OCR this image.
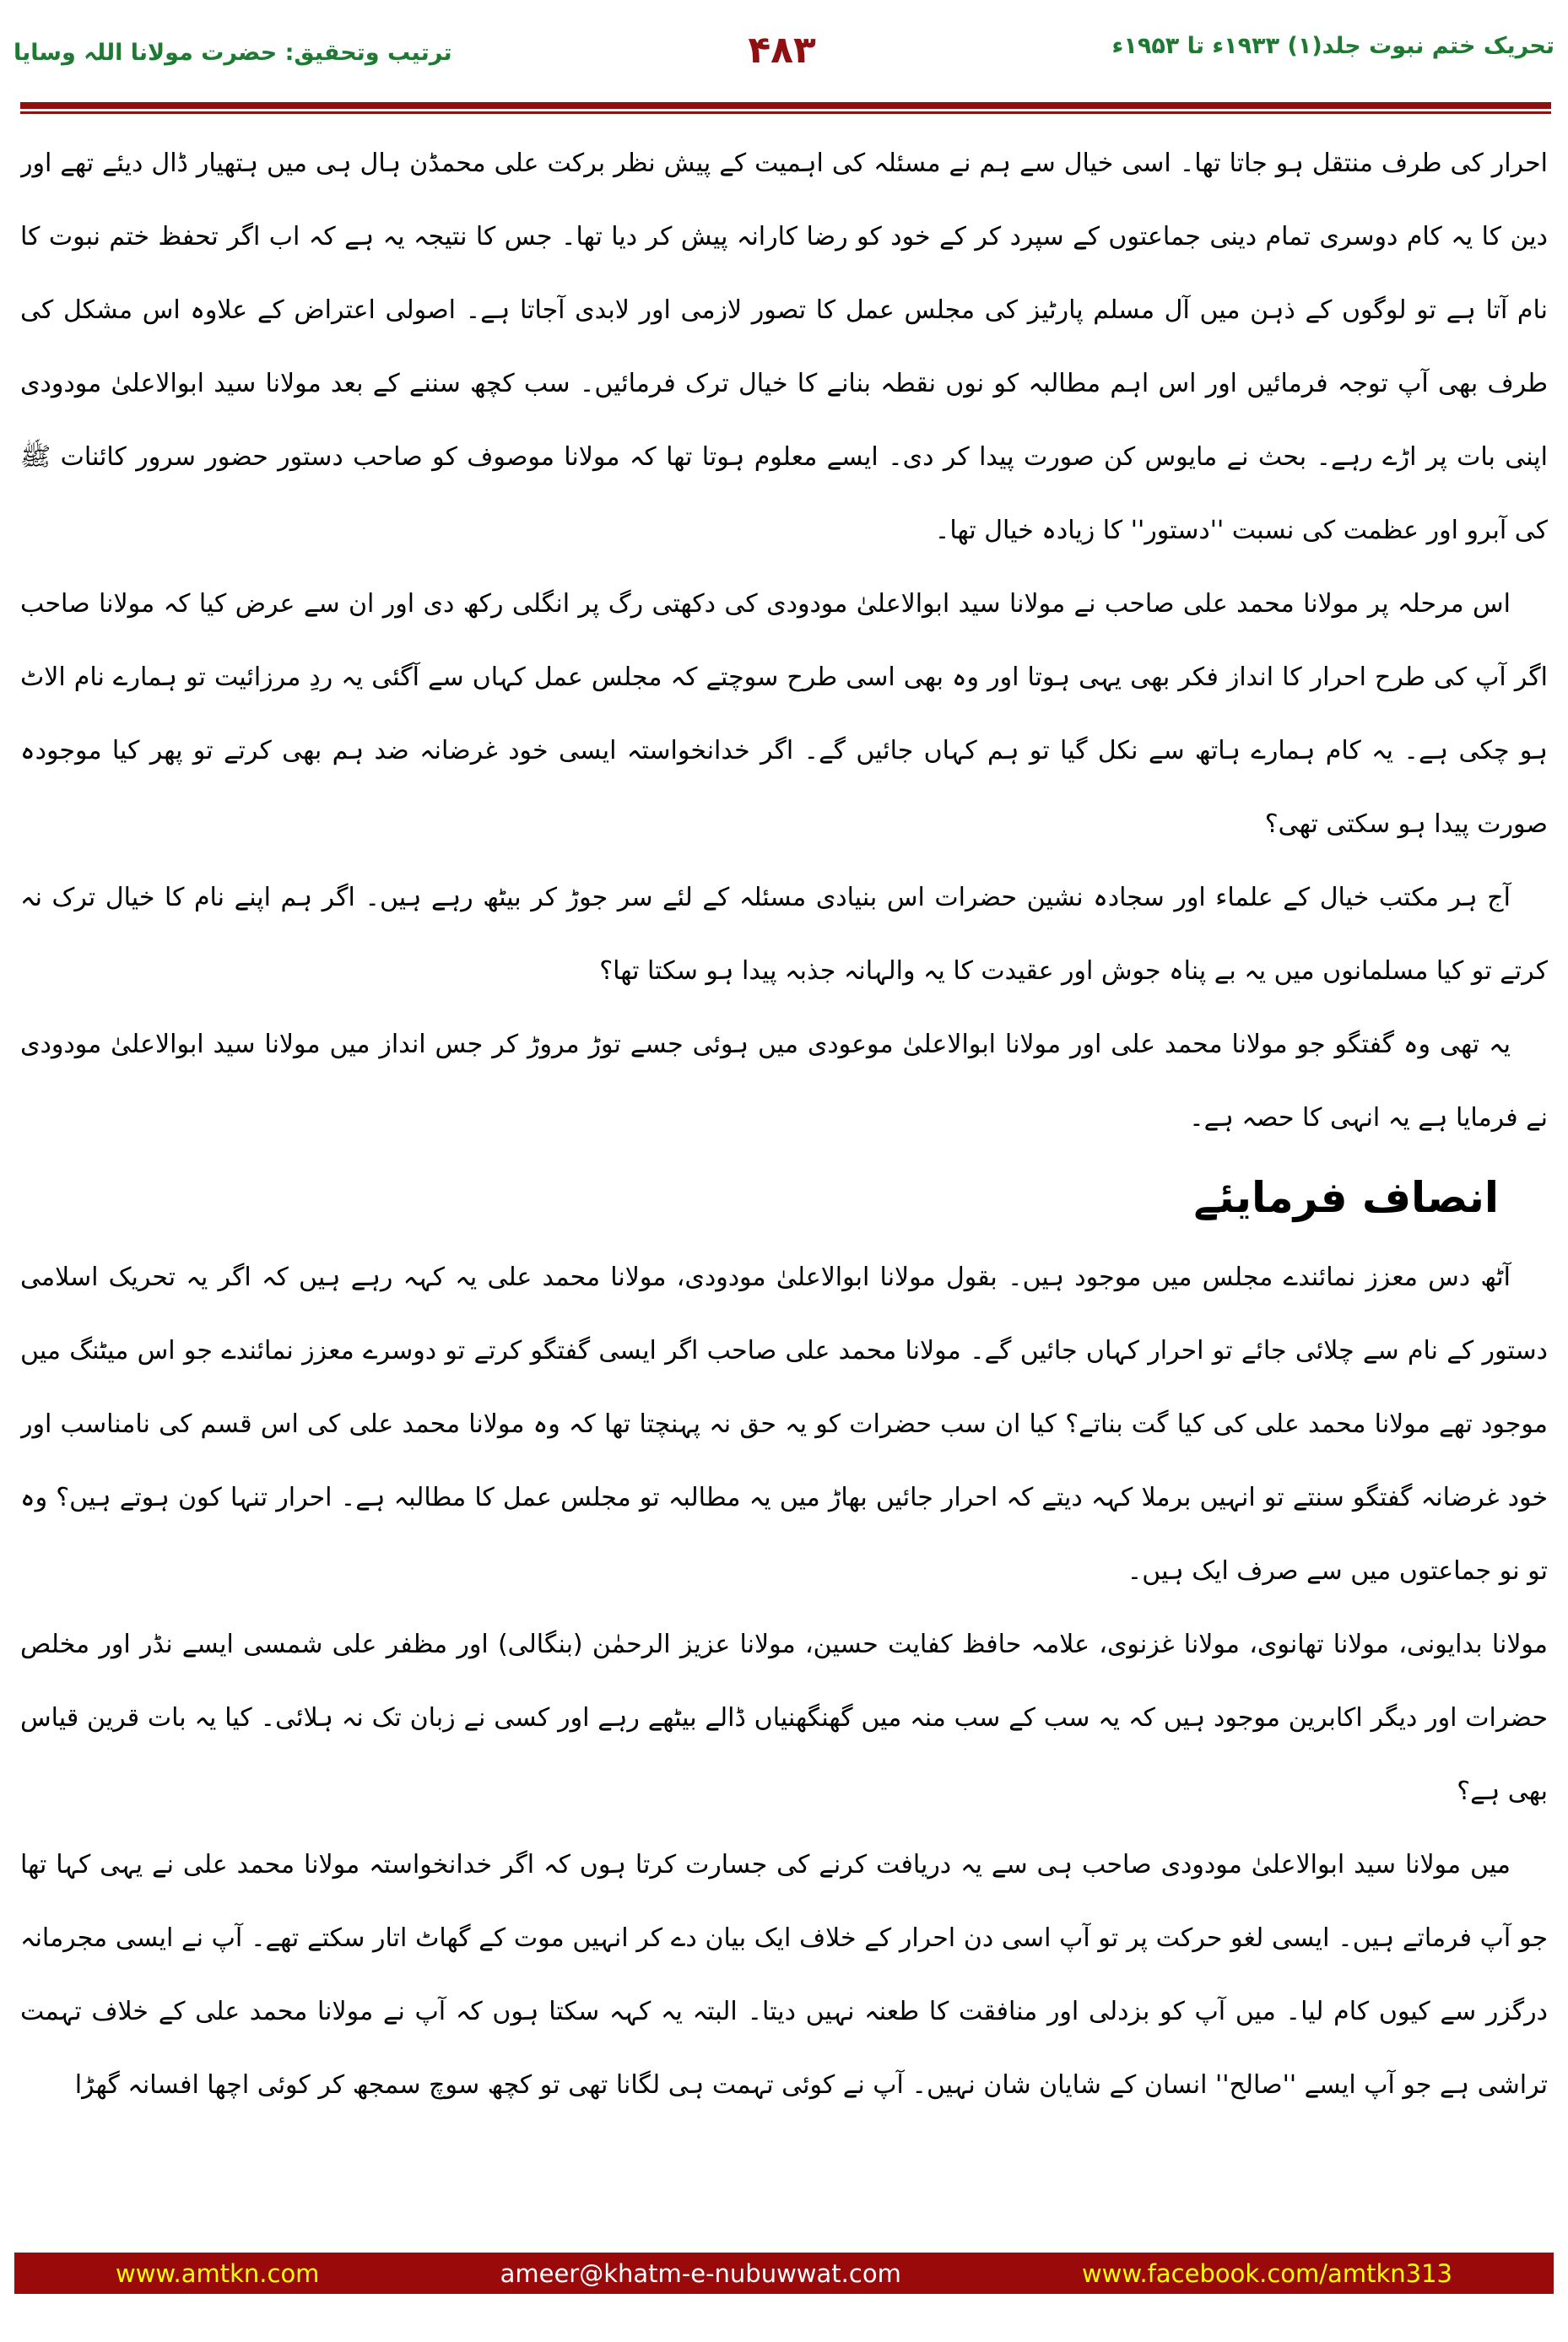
ترتیب وتحقیق: حضرت مولانا اللہ وسایا	۴۸۳	تحریک ختم نبوت جلد(۱) ۱۹۳۳ء تا ۱۹۵۳ء

احرار کی طرف منتقل ہو جاتا تھا۔ اسی خیال سے ہم نے مسئلہ کی اہمیت کے پیش نظر برکت علی محمڈن ہال ہی میں ہتھیار ڈال دیئے تھے اور دین کا یہ کام دوسری تمام دینی جماعتوں کے سپرد کر کے خود کو رضا کارانہ پیش کر دیا تھا۔ جس کا نتیجہ یہ ہے کہ اب اگر تحفظ ختم نبوت کا نام آتا ہے تو لوگوں کے ذہن میں آل مسلم پارٹیز کی مجلس عمل کا تصور لازمی اور لابدی آجاتا ہے۔ اصولی اعتراض کے علاوہ اس مشکل کی طرف بھی آپ توجہ فرمائیں اور اس اہم مطالبہ کو نوں نقطہ بنانے کا خیال ترک فرمائیں۔ سب کچھ سننے کے بعد مولانا سید ابوالاعلیٰ مودودی اپنی بات پر اڑے رہے۔ بحث نے مایوس کن صورت پیدا کر دی۔ ایسے معلوم ہوتا تھا کہ مولانا موصوف کو صاحب دستور حضور سرور کائنات ﷺ کی آبرو اور عظمت کی نسبت ''دستور'' کا زیادہ خیال تھا۔

اس مرحلہ پر مولانا محمد علی صاحب نے مولانا سید ابوالاعلیٰ مودودی کی دکھتی رگ پر انگلی رکھ دی اور ان سے عرض کیا کہ مولانا صاحب اگر آپ کی طرح احرار کا انداز فکر بھی یہی ہوتا اور وہ بھی اسی طرح سوچتے کہ مجلس عمل کہاں سے آگئی یہ ردِ مرزائیت تو ہمارے نام الاٹ ہو چکی ہے۔ یہ کام ہمارے ہاتھ سے نکل گیا تو ہم کہاں جائیں گے۔ اگر خدانخواستہ ایسی خود غرضانہ ضد ہم بھی کرتے تو پھر کیا موجودہ صورت پیدا ہو سکتی تھی؟

آج ہر مکتب خیال کے علماء اور سجادہ نشین حضرات اس بنیادی مسئلہ کے لئے سر جوڑ کر بیٹھ رہے ہیں۔ اگر ہم اپنے نام کا خیال ترک نہ کرتے تو کیا مسلمانوں میں یہ بے پناہ جوش اور عقیدت کا یہ والہانہ جذبہ پیدا ہو سکتا تھا؟

یہ تھی وہ گفتگو جو مولانا محمد علی اور مولانا ابوالاعلیٰ موعودی میں ہوئی جسے توڑ مروڑ کر جس انداز میں مولانا سید ابوالاعلیٰ مودودی نے فرمایا ہے یہ انہی کا حصہ ہے۔

انصاف فرمایئے

آٹھ دس معزز نمائندے مجلس میں موجود ہیں۔ بقول مولانا ابوالاعلیٰ مودودی، مولانا محمد علی یہ کہہ رہے ہیں کہ اگر یہ تحریک اسلامی دستور کے نام سے چلائی جائے تو احرار کہاں جائیں گے۔ مولانا محمد علی صاحب اگر ایسی گفتگو کرتے تو دوسرے معزز نمائندے جو اس میٹنگ میں موجود تھے مولانا محمد علی کی کیا گت بناتے؟ کیا ان سب حضرات کو یہ حق نہ پہنچتا تھا کہ وہ مولانا محمد علی کی اس قسم کی نامناسب اور خود غرضانہ گفتگو سنتے تو انہیں برملا کہہ دیتے کہ احرار جائیں بھاڑ میں یہ مطالبہ تو مجلس عمل کا مطالبہ ہے۔ احرار تنہا کون ہوتے ہیں؟ وہ تو نو جماعتوں میں سے صرف ایک ہیں۔

مولانا بدایونی، مولانا تھانوی، مولانا غزنوی، علامہ حافظ کفایت حسین، مولانا عزیز الرحمٰن (بنگالی) اور مظفر علی شمسی ایسے نڈر اور مخلص حضرات اور دیگر اکابرین موجود ہیں کہ یہ سب کے سب منہ میں گھنگھنیاں ڈالے بیٹھے رہے اور کسی نے زبان تک نہ ہلائی۔ کیا یہ بات قرین قیاس بھی ہے؟

میں مولانا سید ابوالاعلیٰ مودودی صاحب ہی سے یہ دریافت کرنے کی جسارت کرتا ہوں کہ اگر خدانخواستہ مولانا محمد علی نے یہی کہا تھا جو آپ فرماتے ہیں۔ ایسی لغو حرکت پر تو آپ اسی دن احرار کے خلاف ایک بیان دے کر انہیں موت کے گھاٹ اتار سکتے تھے۔ آپ نے ایسی مجرمانہ درگزر سے کیوں کام لیا۔ میں آپ کو بزدلی اور منافقت کا طعنہ نہیں دیتا۔ البتہ یہ کہہ سکتا ہوں کہ آپ نے مولانا محمد علی کے خلاف تہمت تراشی ہے جو آپ ایسے ''صالح'' انسان کے شایان شان نہیں۔ آپ نے کوئی تہمت ہی لگانا تھی تو کچھ سوچ سمجھ کر کوئی اچھا افسانہ گھڑا

www.amtkn.com	ameer@khatm-e-nubuwwat.com	www.facebook.com/amtkn313
